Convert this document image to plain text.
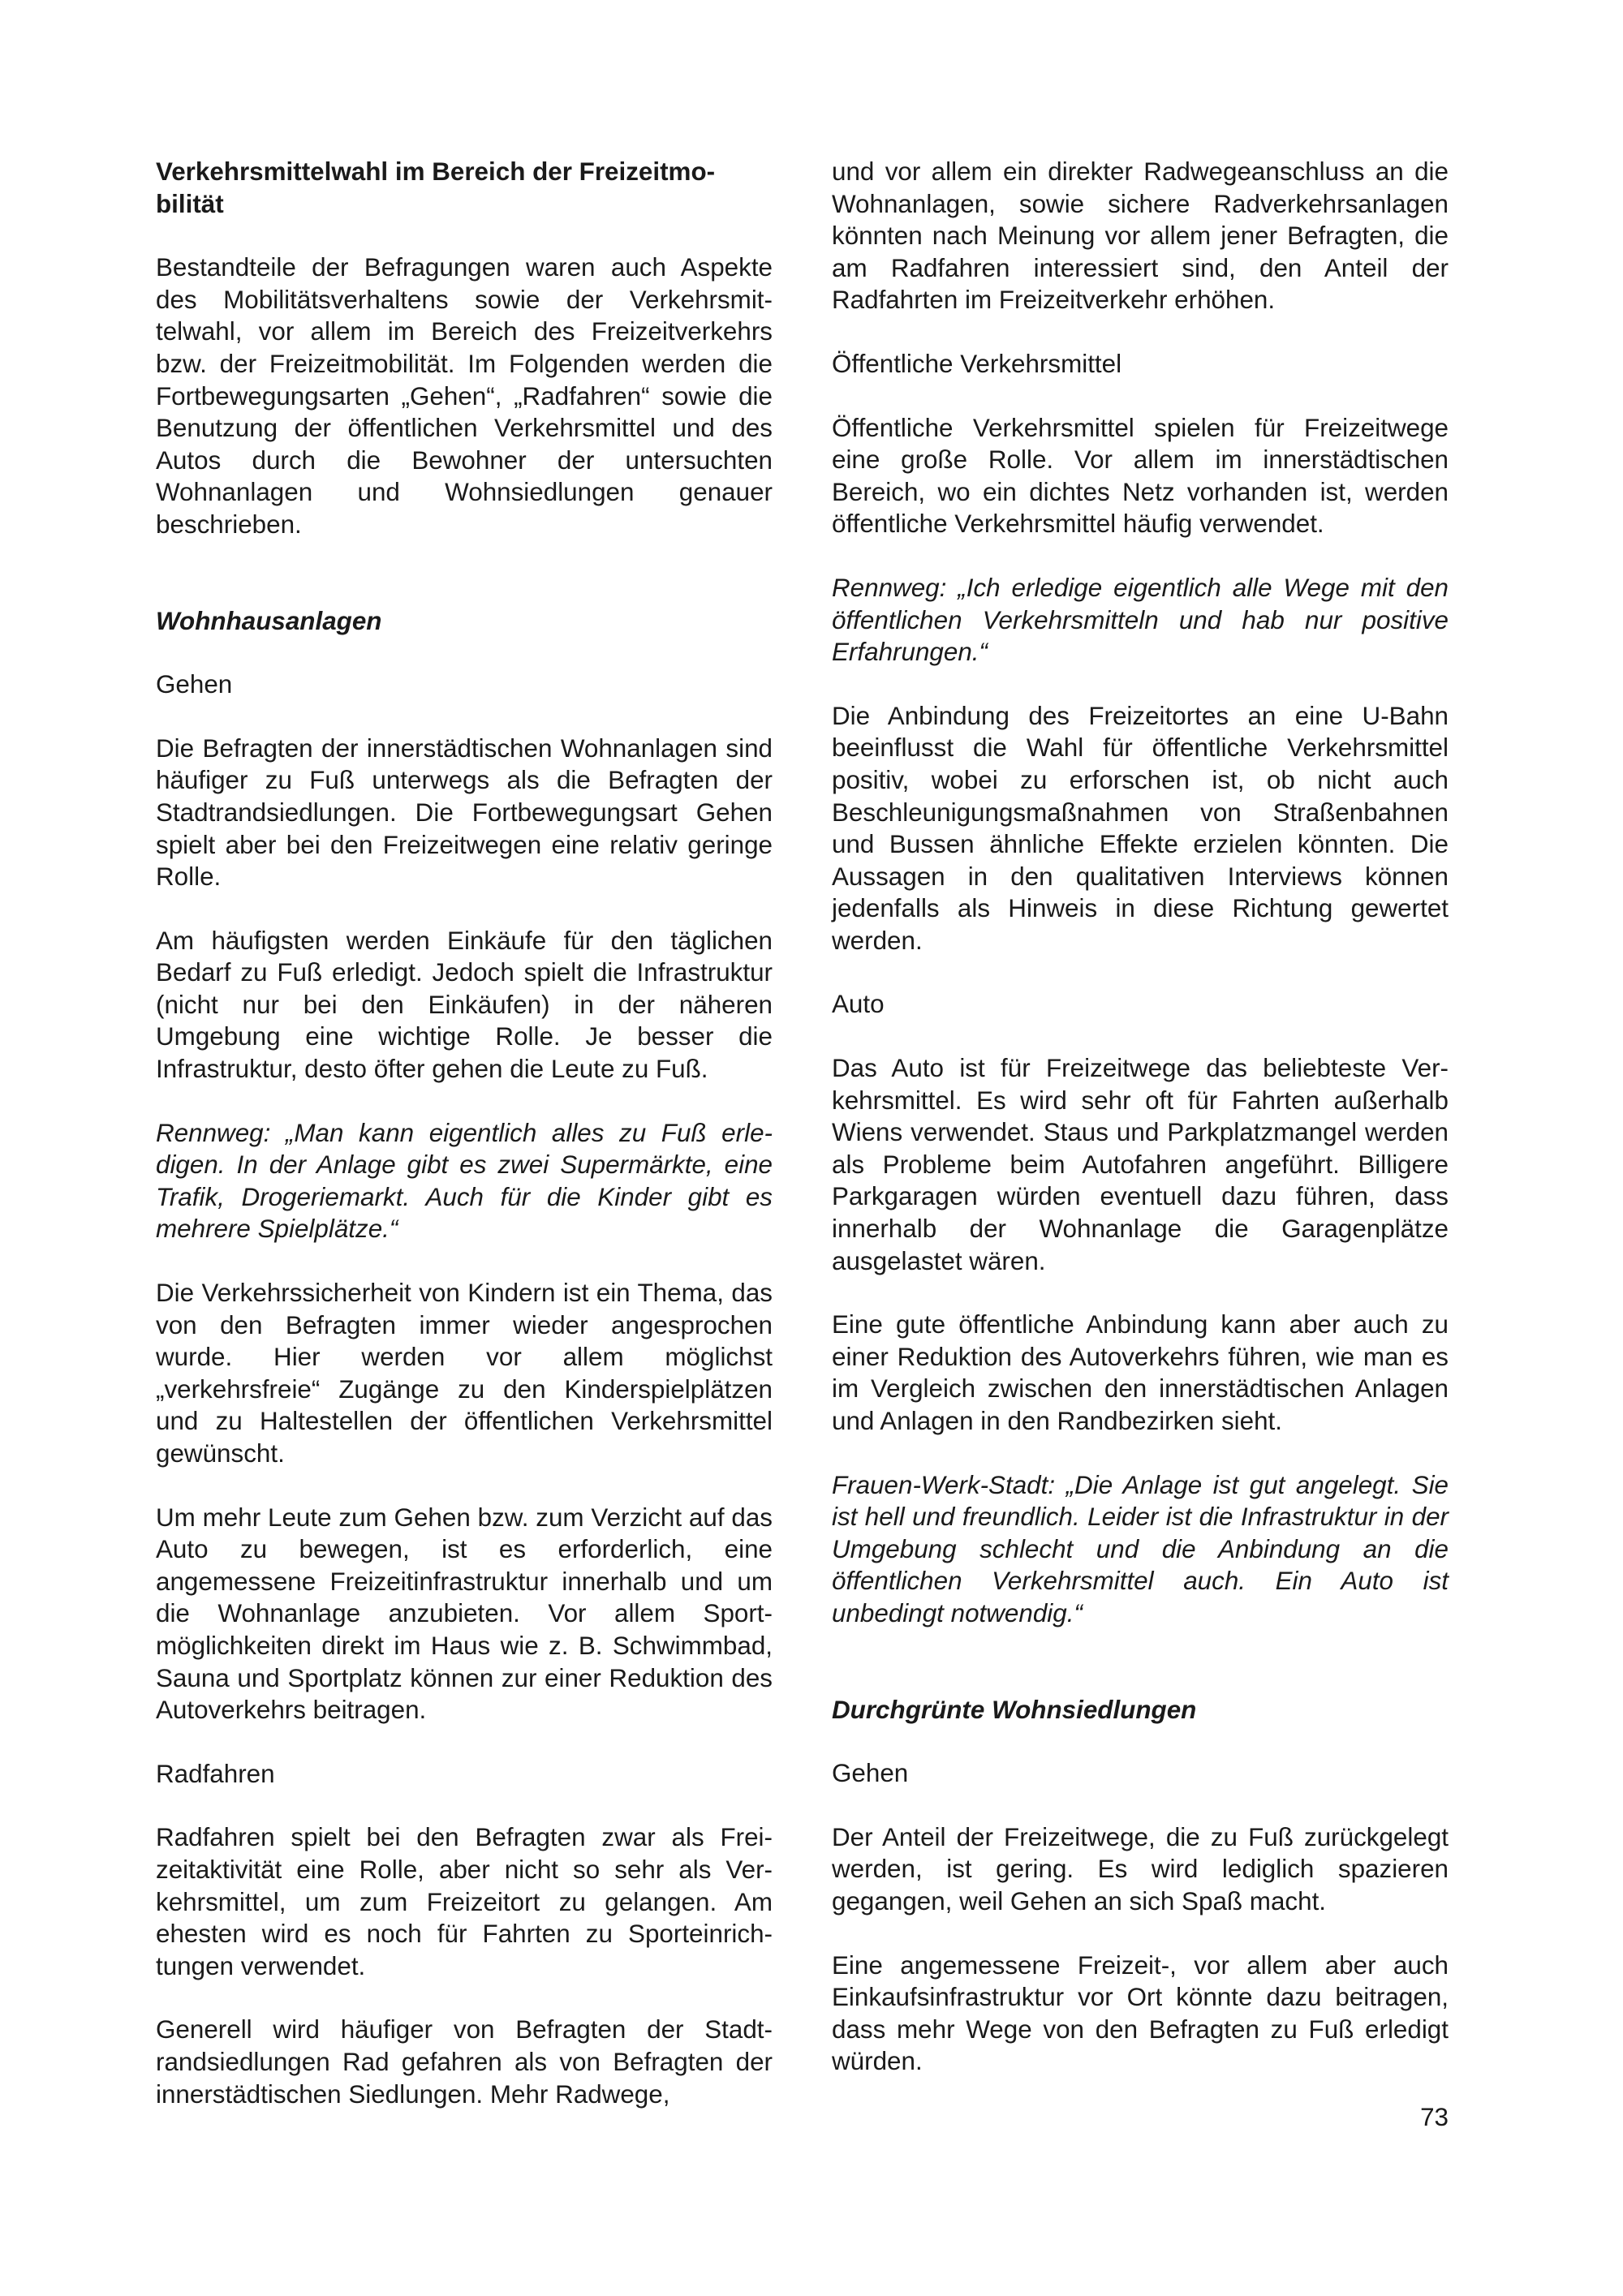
Verkehrsmittelwahl im Bereich der Freizeitmobilität

Bestandteile der Befragungen waren auch Aspekte des Mobilitätsverhaltens sowie der Verkehrsmittelwahl, vor allem im Bereich des Freizeitverkehrs bzw. der Freizeitmobilität. Im Folgenden werden die Fortbewegungsarten „Gehen“, „Radfahren“ sowie die Benutzung der öffentlichen Verkehrsmittel und des Autos durch die Bewohner der untersuchten Wohnanlagen und Wohnsiedlungen genauer beschrieben.

Wohnhausanlagen
Gehen

Die Befragten der innerstädtischen Wohnanlagen sind häufiger zu Fuß unterwegs als die Befragten der Stadtrandsiedlungen. Die Fortbewegungsart Gehen spielt aber bei den Freizeitwegen eine relativ geringe Rolle.

Am häufigsten werden Einkäufe für den täglichen Bedarf zu Fuß erledigt. Jedoch spielt die Infrastruktur (nicht nur bei den Einkäufen) in der näheren Umgebung eine wichtige Rolle. Je besser die Infrastruktur, desto öfter gehen die Leute zu Fuß.

Rennweg: „Man kann eigentlich alles zu Fuß erledigen. In der Anlage gibt es zwei Supermärkte, eine Trafik, Drogeriemarkt. Auch für die Kinder gibt es mehrere Spielplätze.“

Die Verkehrssicherheit von Kindern ist ein Thema, das von den Befragten immer wieder angesprochen wurde. Hier werden vor allem möglichst „verkehrsfreie“ Zugänge zu den Kinderspielplätzen und zu Haltestellen der öffentlichen Verkehrsmittel gewünscht.

Um mehr Leute zum Gehen bzw. zum Verzicht auf das Auto zu bewegen, ist es erforderlich, eine angemessene Freizeitinfrastruktur innerhalb und um die Wohnanlage anzubieten. Vor allem Sportmöglichkeiten direkt im Haus wie z. B. Schwimmbad, Sauna und Sportplatz können zur einer Reduktion des Autoverkehrs beitragen.

Radfahren

Radfahren spielt bei den Befragten zwar als Freizeitaktivität eine Rolle, aber nicht so sehr als Verkehrsmittel, um zum Freizeitort zu gelangen. Am ehesten wird es noch für Fahrten zu Sporteinrichtungen verwendet.

Generell wird häufiger von Befragten der Stadtrandsiedlungen Rad gefahren als von Befragten der innerstädtischen Siedlungen. Mehr Radwege,

und vor allem ein direkter Radwegeanschluss an die Wohnanlagen, sowie sichere Radverkehrsanlagen könnten nach Meinung vor allem jener Befragten, die am Radfahren interessiert sind, den Anteil der Radfahrten im Freizeitverkehr erhöhen.

Öffentliche Verkehrsmittel

Öffentliche Verkehrsmittel spielen für Freizeitwege eine große Rolle. Vor allem im innerstädtischen Bereich, wo ein dichtes Netz vorhanden ist, werden öffentliche Verkehrsmittel häufig verwendet.

Rennweg: „Ich erledige eigentlich alle Wege mit den öffentlichen Verkehrsmitteln und hab nur positive Erfahrungen.“

Die Anbindung des Freizeitortes an eine U-Bahn beeinflusst die Wahl für öffentliche Verkehrsmittel positiv, wobei zu erforschen ist, ob nicht auch Beschleunigungsmaßnahmen von Straßenbahnen und Bussen ähnliche Effekte erzielen könnten. Die Aussagen in den qualitativen Interviews können jedenfalls als Hinweis in diese Richtung gewertet werden.

Auto

Das Auto ist für Freizeitwege das beliebteste Verkehrsmittel. Es wird sehr oft für Fahrten außerhalb Wiens verwendet. Staus und Parkplatzmangel werden als Probleme beim Autofahren angeführt. Billigere Parkgaragen würden eventuell dazu führen, dass innerhalb der Wohnanlage die Garagenplätze ausgelastet wären.

Eine gute öffentliche Anbindung kann aber auch zu einer Reduktion des Autoverkehrs führen, wie man es im Vergleich zwischen den innerstädtischen Anlagen und Anlagen in den Randbezirken sieht.

Frauen-Werk-Stadt: „Die Anlage ist gut angelegt. Sie ist hell und freundlich. Leider ist die Infrastruktur in der Umgebung schlecht und die Anbindung an die öffentlichen Verkehrsmittel auch. Ein Auto ist unbedingt notwendig.“

Durchgrünte Wohnsiedlungen
Gehen

Der Anteil der Freizeitwege, die zu Fuß zurückgelegt werden, ist gering. Es wird lediglich spazieren gegangen, weil Gehen an sich Spaß macht.

Eine angemessene Freizeit-, vor allem aber auch Einkaufsinfrastruktur vor Ort könnte dazu beitragen, dass mehr Wege von den Befragten zu Fuß erledigt würden.

73
